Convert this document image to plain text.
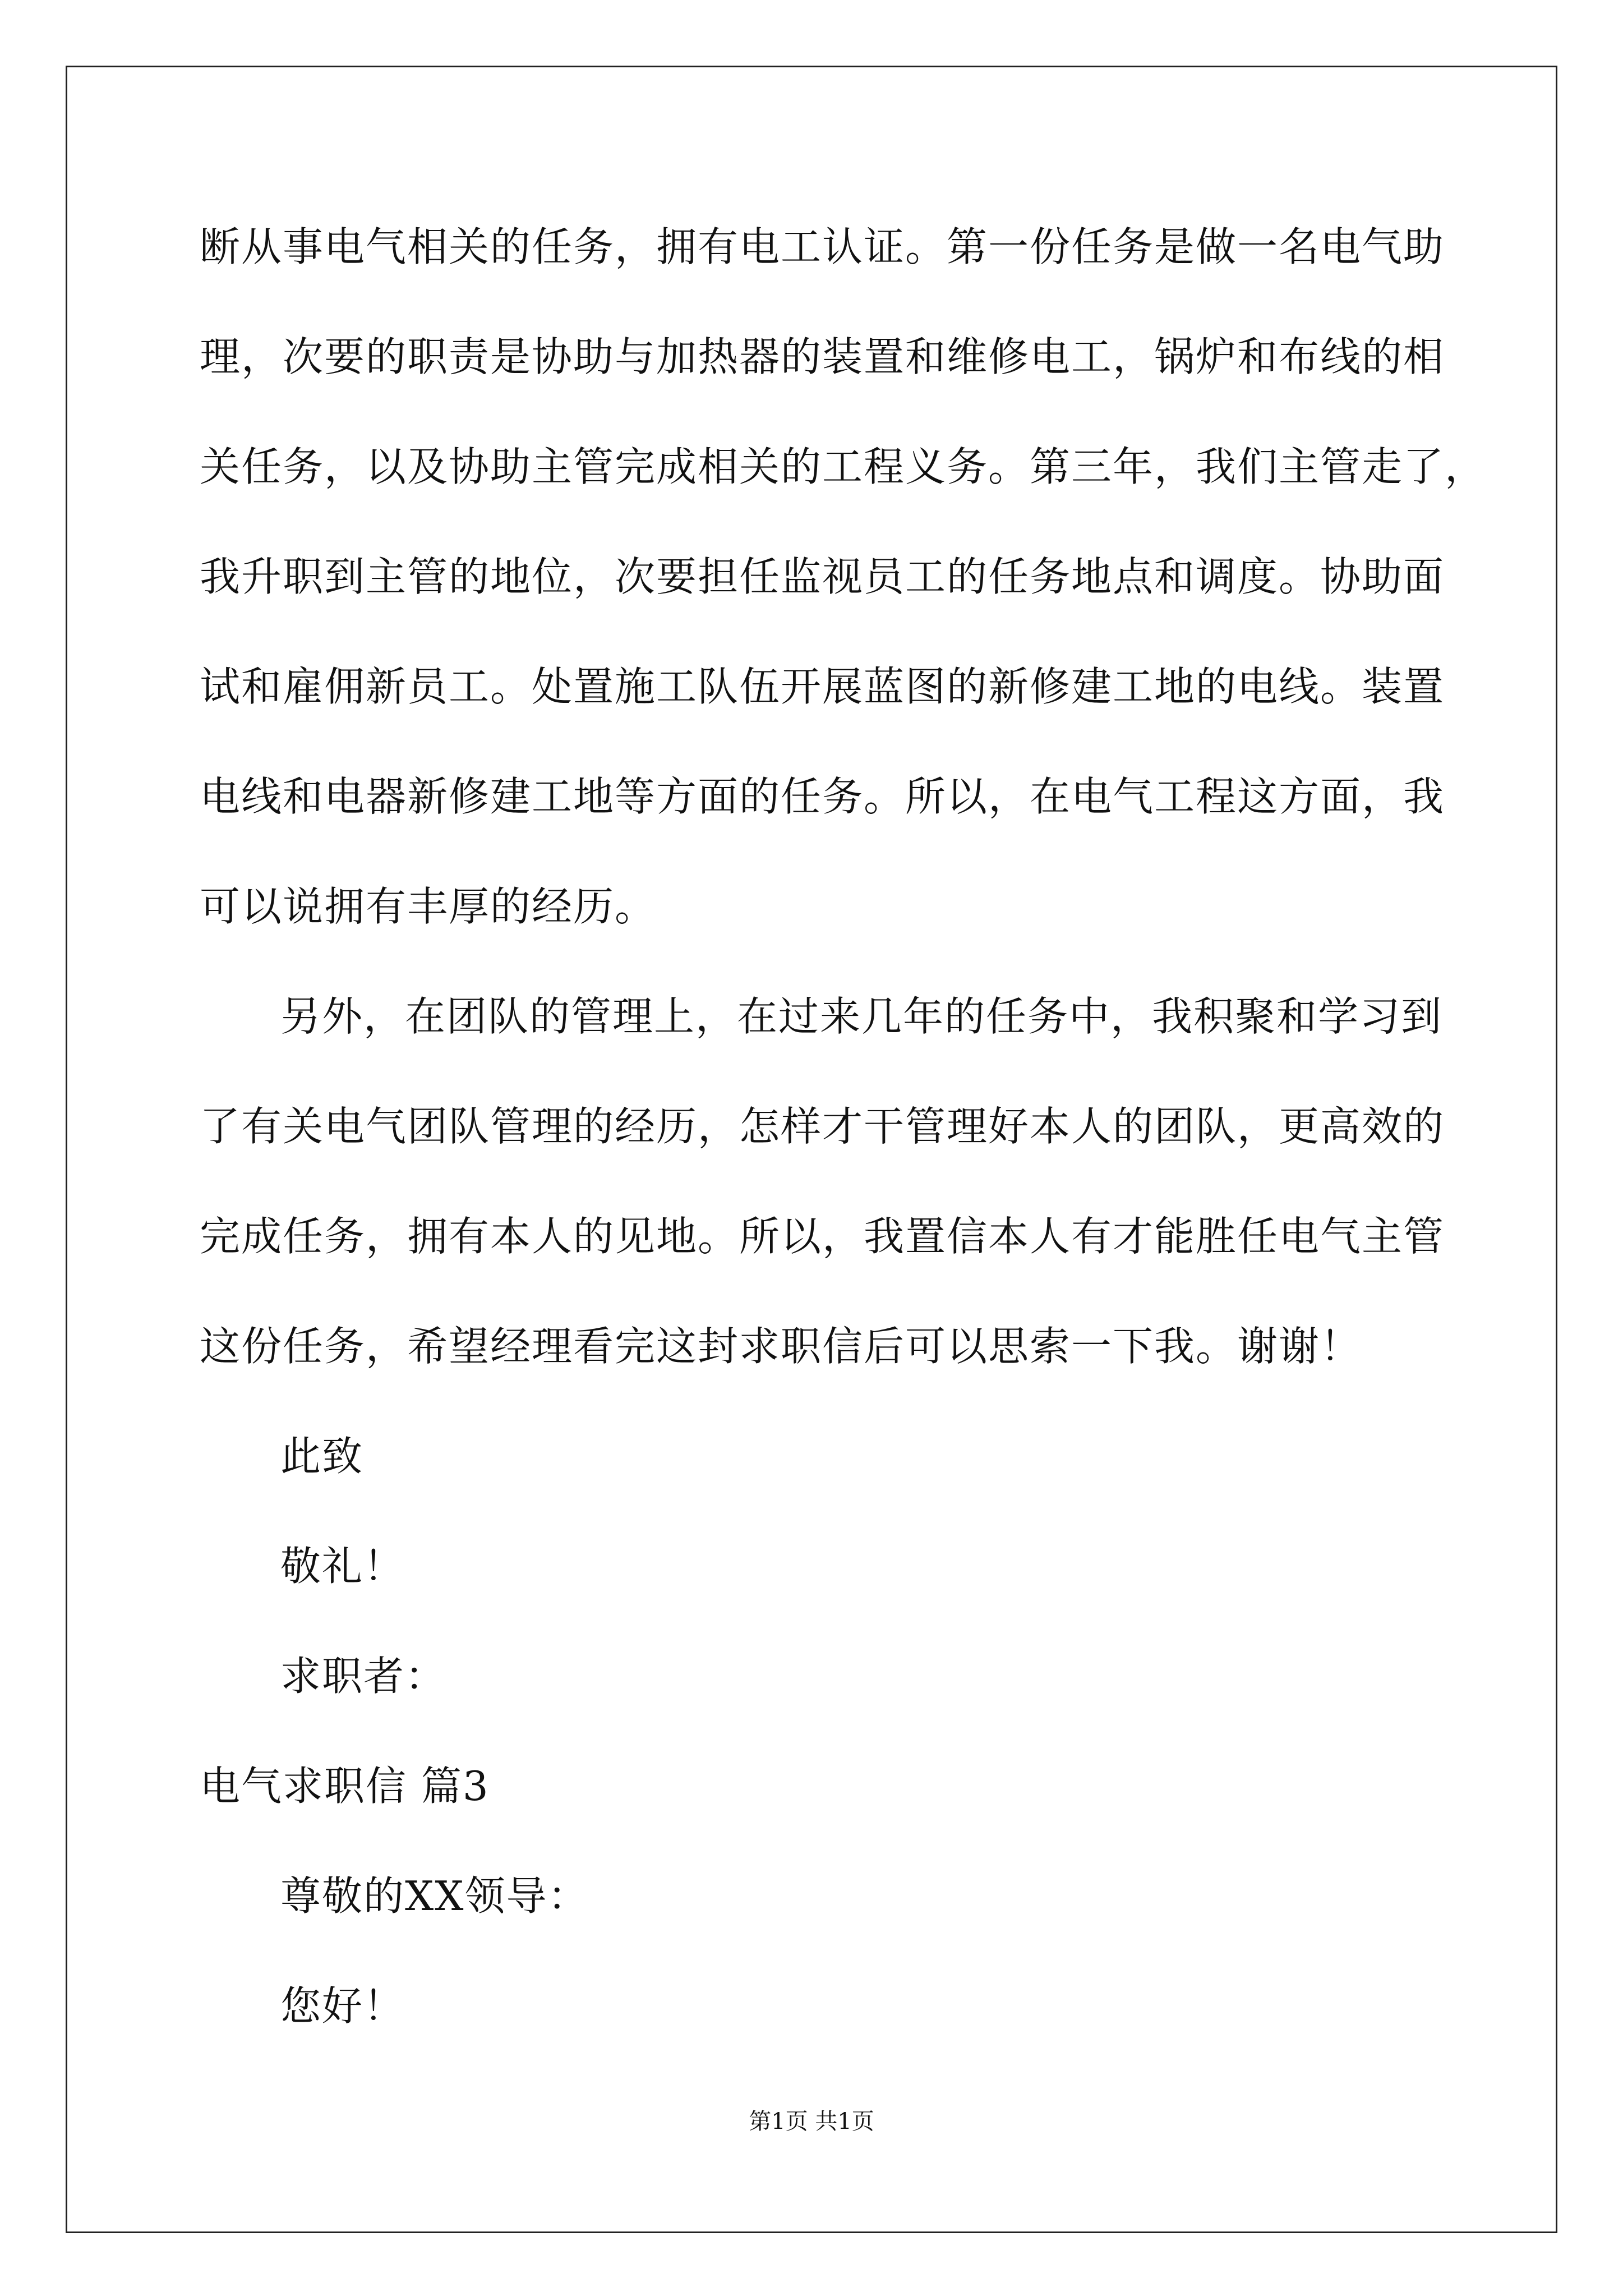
断从事电气相关的任务，拥有电工认证。第一份任务是做一名电气助
理，次要的职责是协助与加热器的装置和维修电工，锅炉和布线的相
关任务，以及协助主管完成相关的工程义务。第三年，我们主管走了，
我升职到主管的地位，次要担任监视员工的任务地点和调度。协助面
试和雇佣新员工。处置施工队伍开展蓝图的新修建工地的电线。装置
电线和电器新修建工地等方面的任务。所以，在电气工程这方面，我
可以说拥有丰厚的经历。
另外，在团队的管理上，在过来几年的任务中，我积聚和学习到
了有关电气团队管理的经历，怎样才干管理好本人的团队，更高效的
完成任务，拥有本人的见地。所以，我置信本人有才能胜任电气主管
这份任务，希望经理看完这封求职信后可以思索一下我。谢谢！
此致
敬礼！
求职者：
电气求职信 篇3
尊敬的XX领导：
您好！
第1页 共1页
